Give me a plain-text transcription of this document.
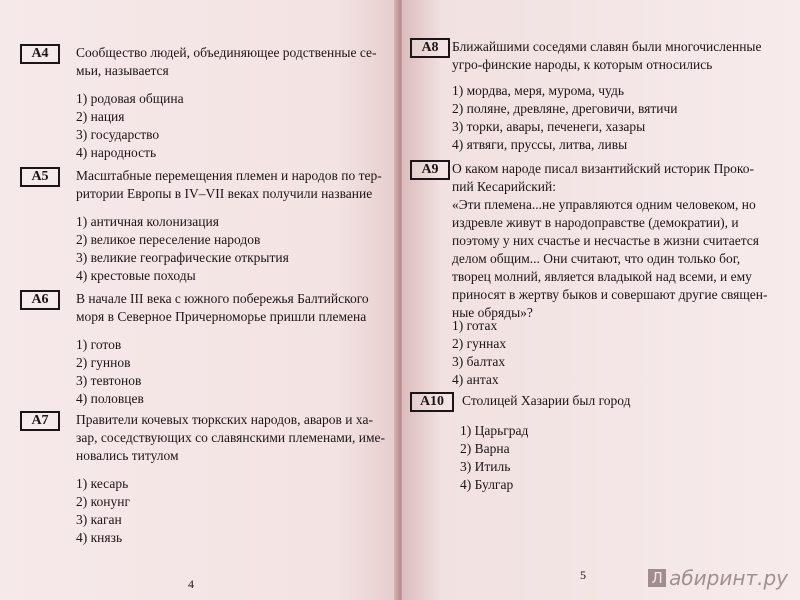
А4	Сообщество людей, объединяющее родственные се-
мьи, называется
1) родовая община
2) нация
3) государство
4) народность
А5	Масштабные перемещения племен и народов по тер-
ритории Европы в IV–VII веках получили название
1) античная колонизация
2) великое переселение народов
3) великие географические открытия
4) крестовые походы
А6	В начале III века с южного побережья Балтийского
моря в Северное Причерноморье пришли племена
1) готов
2) гуннов
3) тевтонов
4) половцев
А7	Правители кочевых тюркских народов, аваров и ха-
зар, соседствующих со славянскими племенами, име-
новались титулом
1) кесарь
2) конунг
3) каган
4) князь
4
А8 Ближайшими соседями славян были многочисленные
угро-финские народы, к которым относились
1) мордва, меря, мурома, чудь
2) поляне, древляне, дреговичи, вятичи
3) торки, авары, печенеги, хазары
4) ятвяги, пруссы, литва, ливы
А9 О каком народе писал византийский историк Проко-
пий Кесарийский:
«Эти племена...не управляются одним человеком, но
издревле живут в народоправстве (демократии), и
поэтому у них счастье и несчастье в жизни считается
делом общим... Они считают, что один только бог,
творец молний, является владыкой над всеми, и ему
приносят в жертву быков и совершают другие священ-
ные обряды»?
1) готах
2) гуннах
3) балтах
4) антах
А10	Столицей Хазарии был город
1) Царьград
2) Варна
3) Итиль
4) Булгар
5	Л абиринт.ру
